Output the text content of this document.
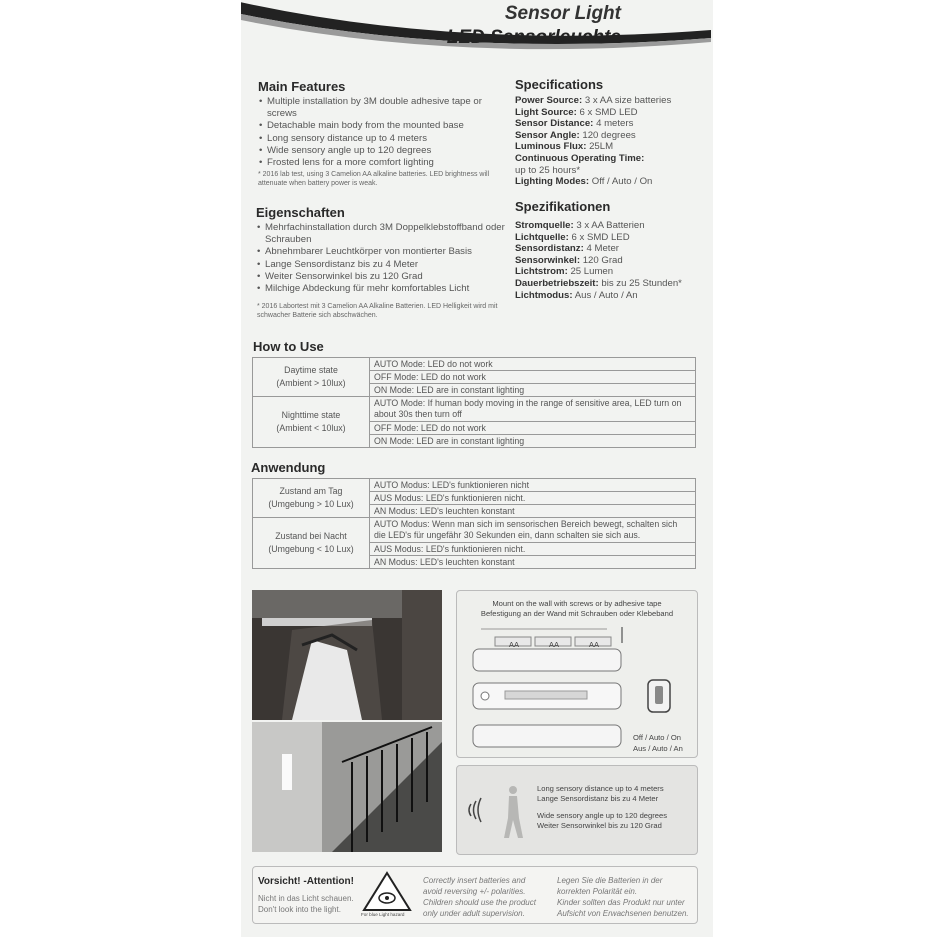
Sensor Light
LED Sensorleuchte
Main Features
• Multiple installation by 3M double adhesive tape or screws
• Detachable main body from the mounted base
• Long sensory distance up to 4 meters
• Wide sensory angle up to 120 degrees
• Frosted lens for a more comfort lighting
* 2016 lab test, using 3 Camelion AA alkaline batteries. LED brightness will attenuate when battery power is weak.
Eigenschaften
• Mehrfachinstallation durch 3M Doppelklebstoffband oder Schrauben
• Abnehmbarer Leuchtkörper von montierter Basis
• Lange Sensordistanz bis zu 4 Meter
• Weiter Sensorwinkel bis zu 120 Grad
• Milchige Abdeckung für mehr komfortables Licht
* 2016 Labortest mit 3 Camelion AA Alkaline Batterien. LED Helligkeit wird mit schwacher Batterie sich abschwächen.
Specifications
Power Source: 3 x AA size batteries
Light Source: 6 x SMD LED
Sensor Distance: 4 meters
Sensor Angle: 120 degrees
Luminous Flux: 25LM
Continuous Operating Time:
up to 25 hours*
Lighting Modes: Off / Auto / On
Spezifikationen
Stromquelle: 3 x AA Batterien
Lichtquelle: 6 x SMD LED
Sensordistanz: 4 Meter
Sensorwinkel: 120 Grad
Lichtstrom: 25 Lumen
Dauerbetriebszeit: bis zu 25 Stunden*
Lichtmodus: Aus / Auto / An
How to Use
Daytime state
(Ambient > 10lux)	AUTO Mode: LED do not work
	OFF Mode: LED do not work
	ON Mode: LED are in constant lighting

Nighttime state
(Ambient < 10lux)	AUTO Mode: If human body moving in the range of sensitive area, LED turn on about 30s then turn off
	OFF Mode: LED do not work
	ON Mode: LED are in constant lighting
Anwendung
Zustand am Tag
(Umgebung > 10 Lux)	AUTO Modus: LED's funktionieren nicht
	AUS Modus: LED's funktionieren nicht.
	AN Modus: LED's leuchten konstant

Zustand bei Nacht
(Umgebung < 10 Lux)	AUTO Modus: Wenn man sich im sensorischen Bereich bewegt, schalten sich die LED's für ungefähr 30 Sekunden ein, dann schalten sie sich aus.
	AUS Modus: LED's funktionieren nicht.
	AN Modus: LED's leuchten konstant
Mount on the wall with screws or by adhesive tape
Befestigung an der Wand mit Schrauben oder Klebeband
AA	AA	AA
Off / Auto / On
Aus / Auto / An
Long sensory distance up to 4 meters
Lange Sensordistanz bis zu 4 Meter
Wide sensory angle up to 120 degrees
Weiter Sensorwinkel bis zu 120 Grad
Vorsicht! -Attention!
Nicht in das Licht schauen.
Don't look into the light.
For blue Light hazard
Correctly insert batteries and
avoid reversing +/- polarities.
Children should use the product
only under adult supervision.
Legen Sie die Batterien in der
korrekten Polarität ein.
Kinder sollten das Produkt nur unter
Aufsicht von Erwachsenen benutzen.
